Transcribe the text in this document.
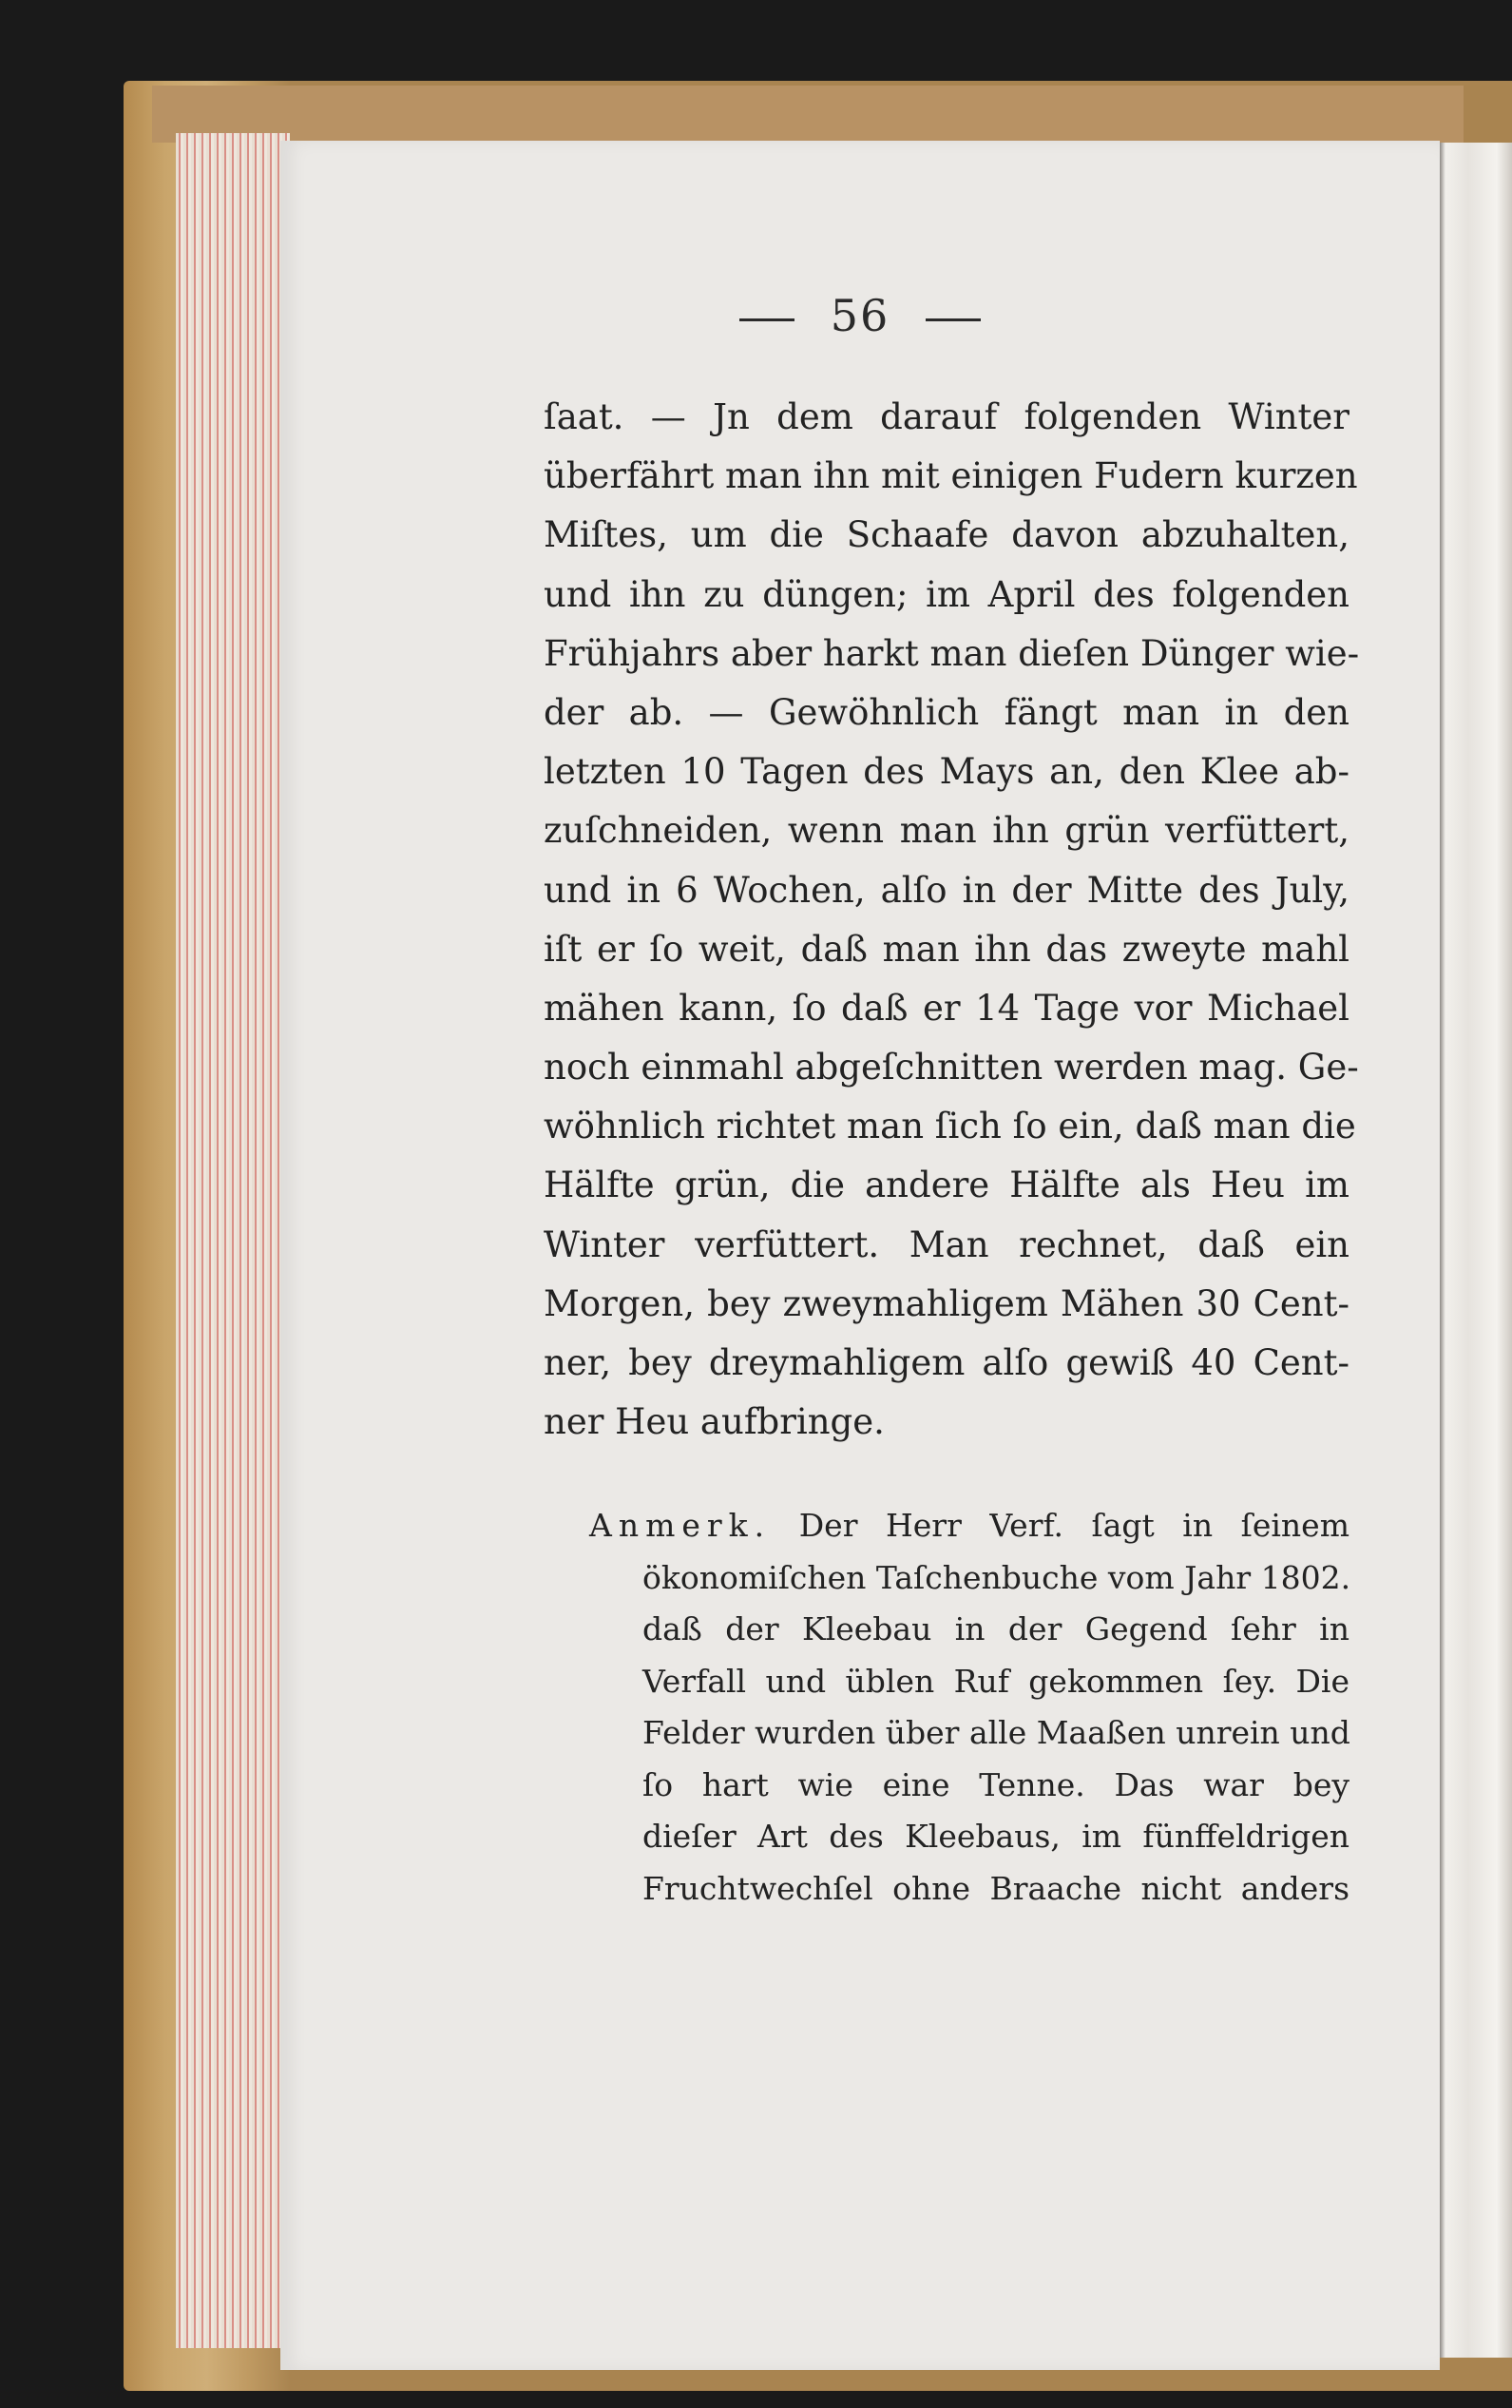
56
ſaat. — Jn dem darauf folgenden Winter
überfährt man ihn mit einigen Fudern kurzen
Miſtes, um die Schaafe davon abzuhalten,
und ihn zu düngen; im April des folgenden
Frühjahrs aber harkt man dieſen Dünger wie-
der ab. — Gewöhnlich fängt man in den
letzten 10 Tagen des Mays an, den Klee ab-
zuſchneiden, wenn man ihn grün verfüttert,
und in 6 Wochen, alſo in der Mitte des July,
iſt er ſo weit, daß man ihn das zweyte mahl
mähen kann, ſo daß er 14 Tage vor Michael
noch einmahl abgeſchnitten werden mag. Ge-
wöhnlich richtet man ſich ſo ein, daß man die
Hälfte grün, die andere Hälfte als Heu im
Winter verfüttert. Man rechnet, daß ein
Morgen, bey zweymahligem Mähen 30 Cent-
ner, bey dreymahligem alſo gewiß 40 Cent-
ner Heu aufbringe.
Anmerk. Der Herr Verf. ſagt in ſeinem
ökonomiſchen Taſchenbuche vom Jahr 1802.
daß der Kleebau in der Gegend ſehr in
Verfall und üblen Ruf gekommen ſey. Die
Felder wurden über alle Maaßen unrein und
ſo hart wie eine Tenne. Das war bey
dieſer Art des Kleebaus, im fünffeldrigen
Fruchtwechſel ohne Braache nicht anders
